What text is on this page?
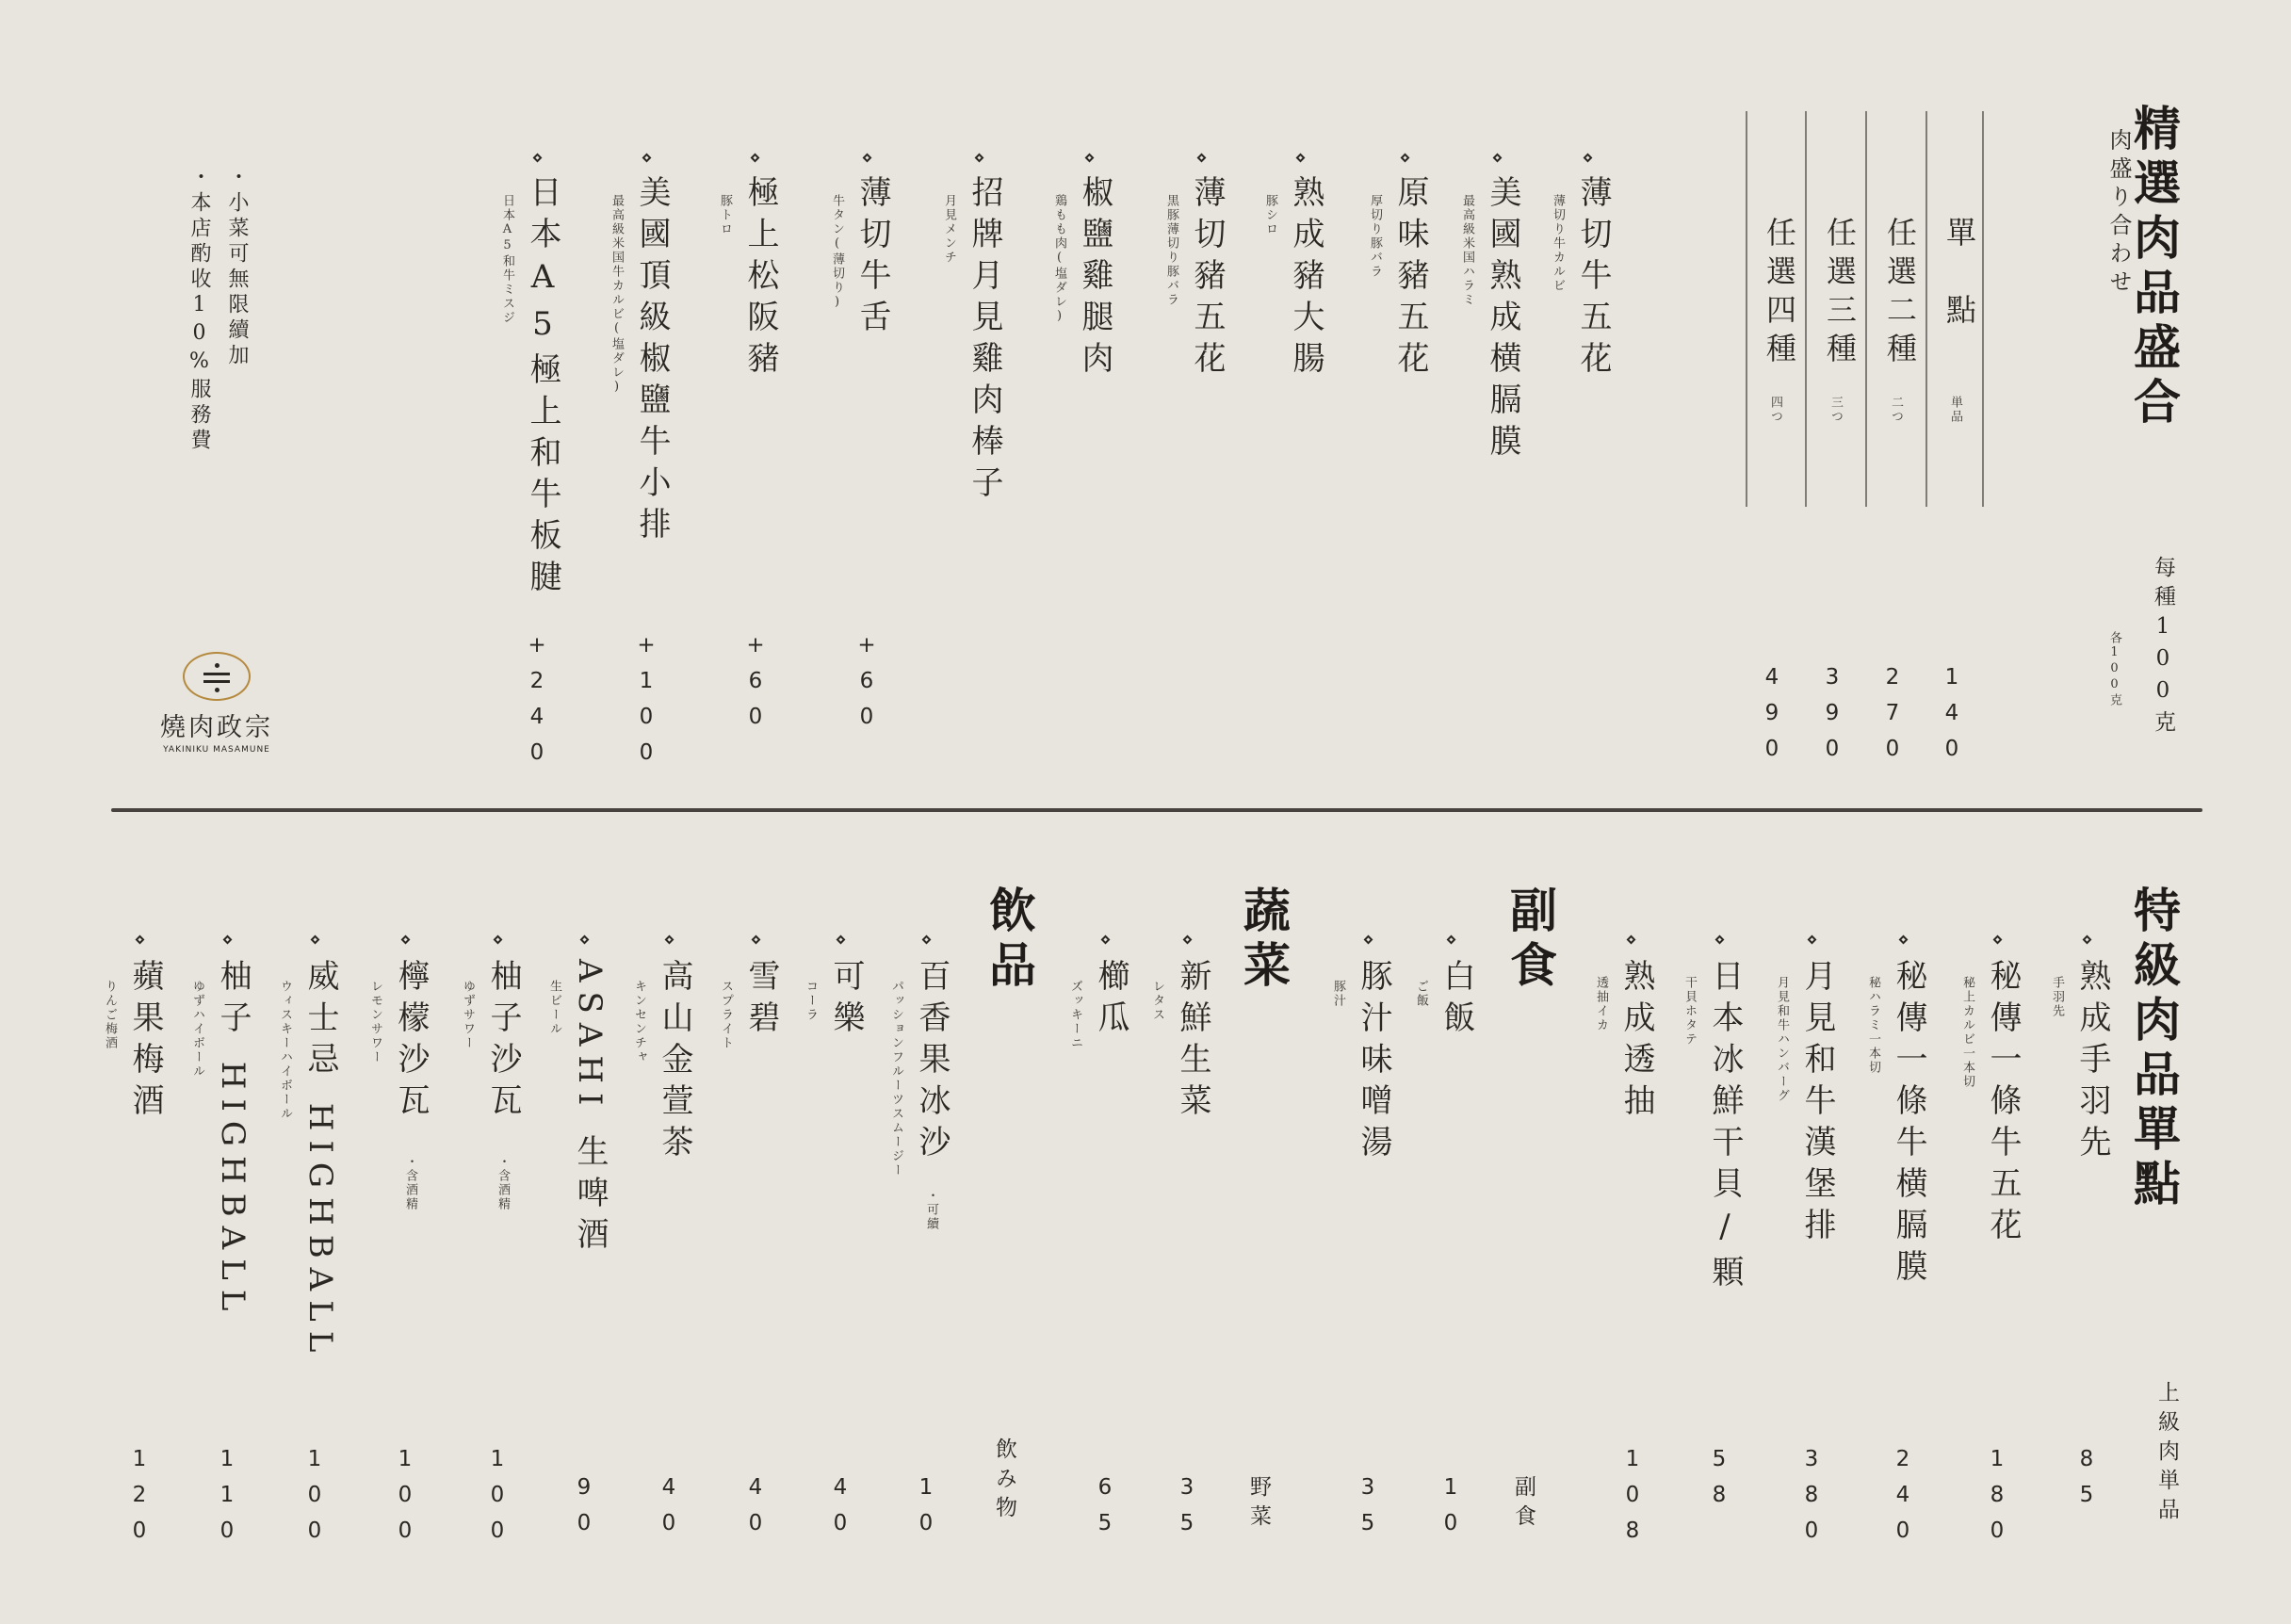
精選肉品盛合
肉盛り合わせ
每種100克
各100克
單　點
単品
140
任選二種
二つ
270
任選三種
三つ
390
任選四種
四つ
490
薄切牛五花
薄切り牛カルビ
美國熟成横膈膜
最高級米国ハラミ
原味豬五花
厚切り豚バラ
熟成豬大腸
豚シロ
薄切豬五花
黒豚薄切り豚バラ
椒鹽雞腿肉
鶏もも肉(塩ダレ)
招牌月見雞肉棒子
月見メンチ
薄切牛舌
牛タン(薄切り)
+60
極上松阪豬
豚トロ
+60
美國頂級椒鹽牛小排
最高級米国牛カルビ(塩ダレ)
+100
日本A5極上和牛板腱
日本A5和牛ミスジ
+240
・小菜可無限續加
・本店酌收10%服務費
燒肉政宗
YAKINIKU MASAMUNE
特級肉品單點
上級肉単品
熟成手羽先
手羽先
85
秘傳一條牛五花
秘上カルビ一本切
180
秘傳一條牛横膈膜
秘ハラミ一本切
240
月見和牛漢堡排
月見和牛ハンバーグ
380
日本冰鮮干貝/顆
干貝ホタテ
58
熟成透抽
透抽イカ
108
副食
副食
白飯
ご飯
10
豚汁味噌湯
豚汁
35
蔬菜
野菜
新鮮生菜
レタス
35
櫛瓜
ズッキーニ
65
飲品
飲み物
百香果冰沙
・可續
パッションフルーツスムージー
10
可樂
コーラ
40
雪碧
スプライト
40
高山金萱茶
キンセンチャ
40
ASAHI 生啤酒
生ビール
90
柚子沙瓦
・含酒精
ゆずサワー
100
檸檬沙瓦
・含酒精
レモンサワー
100
威士忌 HIGHBALL
ウィスキーハイボール
100
柚子 HIGHBALL
ゆずハイボール
110
蘋果梅酒
りんご梅酒
120
